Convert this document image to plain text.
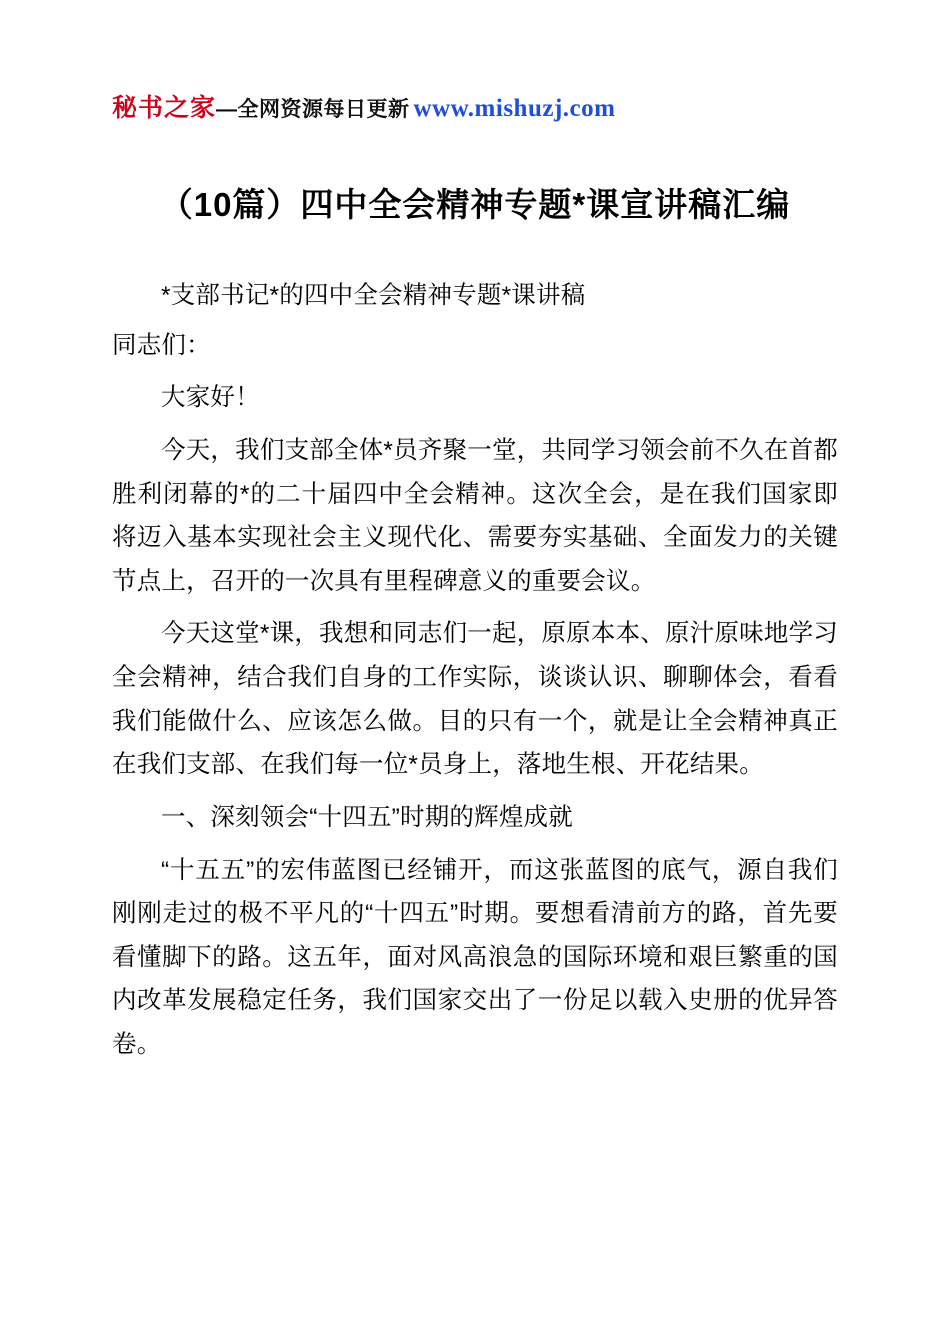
秘书之家—全网资源每日更新 www.mishuzj.com
（10篇）四中全会精神专题*课宣讲稿汇编

*支部书记*的四中全会精神专题*课讲稿

同志们：

大家好！

今天，我们支部全体*员齐聚一堂，共同学习领会前不久在首都胜利闭幕的*的二十届四中全会精神。这次全会，是在我们国家即将迈入基本实现社会主义现代化、需要夯实基础、全面发力的关键节点上，召开的一次具有里程碑意义的重要会议。

今天这堂*课，我想和同志们一起，原原本本、原汁原味地学习全会精神，结合我们自身的工作实际，谈谈认识、聊聊体会，看看我们能做什么、应该怎么做。目的只有一个，就是让全会精神真正在我们支部、在我们每一位*员身上，落地生根、开花结果。

一、深刻领会“十四五”时期的辉煌成就

“十五五”的宏伟蓝图已经铺开，而这张蓝图的底气，源自我们刚刚走过的极不平凡的“十四五”时期。要想看清前方的路，首先要看懂脚下的路。这五年，面对风高浪急的国际环境和艰巨繁重的国内改革发展稳定任务，我们国家交出了一份足以载入史册的优异答卷。
